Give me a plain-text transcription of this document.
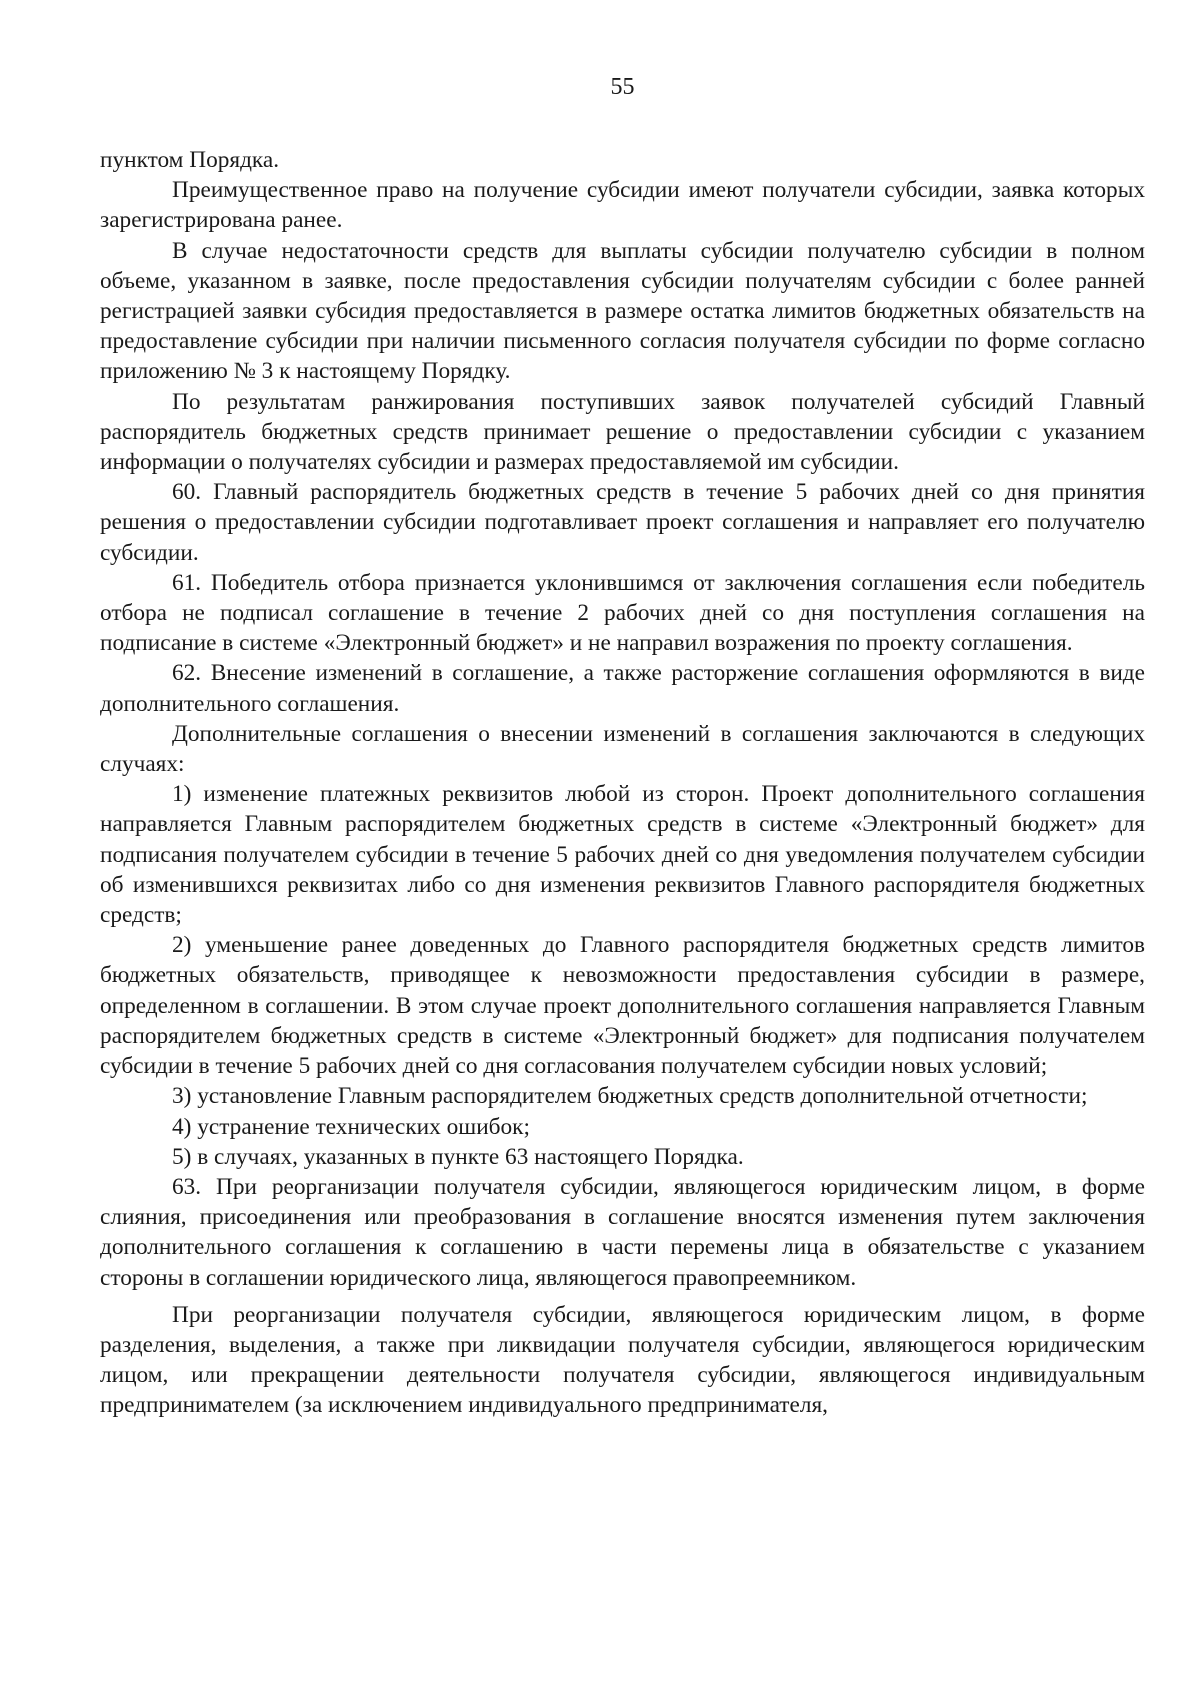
55

пунктом Порядка.

Преимущественное право на получение субсидии имеют получатели субсидии, заявка которых зарегистрирована ранее.

В случае недостаточности средств для выплаты субсидии получателю субсидии в полном объеме, указанном в заявке, после предоставления субсидии получателям субсидии с более ранней регистрацией заявки субсидия предоставляется в размере остатка лимитов бюджетных обязательств на предоставление субсидии при наличии письменного согласия получателя субсидии по форме согласно приложению № 3 к настоящему Порядку.

По результатам ранжирования поступивших заявок получателей субсидий Главный распорядитель бюджетных средств принимает решение о предоставлении субсидии с указанием информации о получателях субсидии и размерах предоставляемой им субсидии.

60. Главный распорядитель бюджетных средств в течение 5 рабочих дней со дня принятия решения о предоставлении субсидии подготавливает проект соглашения и направляет его получателю субсидии.

61. Победитель отбора признается уклонившимся от заключения соглашения если победитель отбора не подписал соглашение в течение 2 рабочих дней со дня поступления соглашения на подписание в системе «Электронный бюджет» и не направил возражения по проекту соглашения.

62. Внесение изменений в соглашение, а также расторжение соглашения оформляются в виде дополнительного соглашения.

Дополнительные соглашения о внесении изменений в соглашения заключаются в следующих случаях:

1) изменение платежных реквизитов любой из сторон. Проект дополнительного соглашения направляется Главным распорядителем бюджетных средств в системе «Электронный бюджет» для подписания получателем субсидии в течение 5 рабочих дней со дня уведомления получателем субсидии об изменившихся реквизитах либо со дня изменения реквизитов Главного распорядителя бюджетных средств;

2) уменьшение ранее доведенных до Главного распорядителя бюджетных средств лимитов бюджетных обязательств, приводящее к невозможности предоставления субсидии в размере, определенном в соглашении. В этом случае проект дополнительного соглашения направляется Главным распорядителем бюджетных средств в системе «Электронный бюджет» для подписания получателем субсидии в течение 5 рабочих дней со дня согласования получателем субсидии новых условий;

3) установление Главным распорядителем бюджетных средств дополнительной отчетности;

4) устранение технических ошибок;

5) в случаях, указанных в пункте 63 настоящего Порядка.

63. При реорганизации получателя субсидии, являющегося юридическим лицом, в форме слияния, присоединения или преобразования в соглашение вносятся изменения путем заключения дополнительного соглашения к соглашению в части перемены лица в обязательстве с указанием стороны в соглашении юридического лица, являющегося правопреемником.

При реорганизации получателя субсидии, являющегося юридическим лицом, в форме разделения, выделения, а также при ликвидации получателя субсидии, являющегося юридическим лицом, или прекращении деятельности получателя субсидии, являющегося индивидуальным предпринимателем (за исключением индивидуального предпринимателя,
